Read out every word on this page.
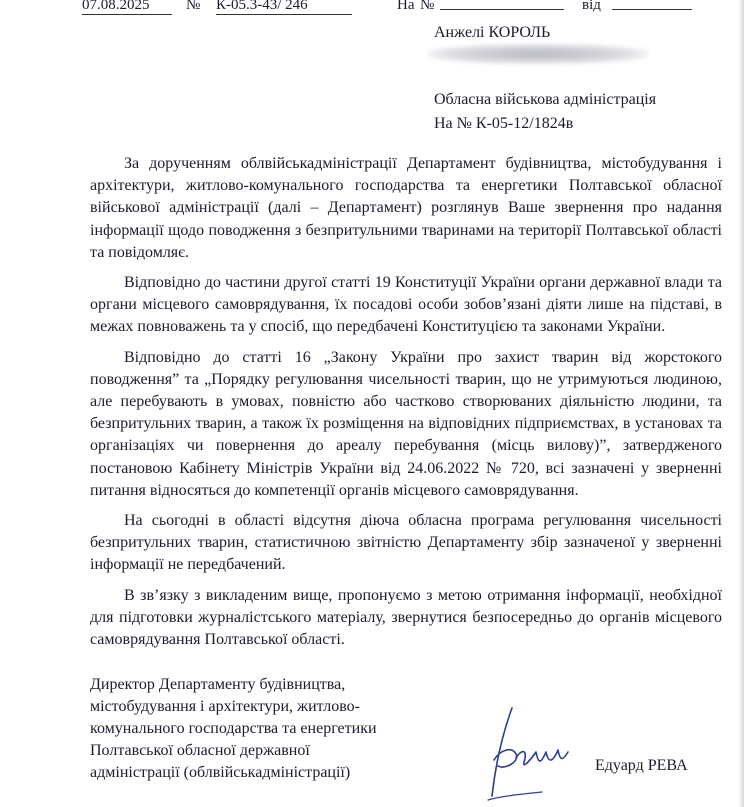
07.08.2025	№ К-05.3-43/ 246	На №	від
Анжелі КОРОЛЬ
Обласна військова адміністрація
На № К-05-12/1824в

За дорученням облвійськадміністрації Департамент будівництва, містобудування і архітектури, житлово-комунального господарства та енергетики Полтавської обласної військової адміністрації (далі – Департамент) розглянув Ваше звернення про надання інформації щодо поводження з безпритульними тваринами на території Полтавської області та повідомляє.

Відповідно до частини другої статті 19 Конституції України органи державної влади та органи місцевого самоврядування, їх посадові особи зобов’язані діяти лише на підставі, в межах повноважень та у спосіб, що передбачені Конституцією та законами України.

Відповідно до статті 16 „Закону України про захист тварин від жорстокого поводження” та „Порядку регулювання чисельності тварин, що не утримуються людиною, але перебувають в умовах, повністю або частково створюваних діяльністю людини, та безпритульних тварин, а також їх розміщення на відповідних підприємствах, в установах та організаціях чи повернення до ареалу перебування (місць вилову)”, затвердженого постановою Кабінету Міністрів України від 24.06.2022 № 720, всі зазначені у зверненні питання відносяться до компетенції органів місцевого самоврядування.

На сьогодні в області відсутня діюча обласна програма регулювання чисельності безпритульних тварин, статистичною звітністю Департаменту збір зазначеної у зверненні інформації не передбачений.

В зв’язку з викладеним вище, пропонуємо з метою отримання інформації, необхідної для підготовки журналістського матеріалу, звернутися безпосередньо до органів місцевого самоврядування Полтавської області.

Директор Департаменту будівництва,
містобудування і архітектури, житлово-
комунального господарства та енергетики
Полтавської обласної державної
адміністрації (облвійськадміністрації)	Едуард РЕВА
